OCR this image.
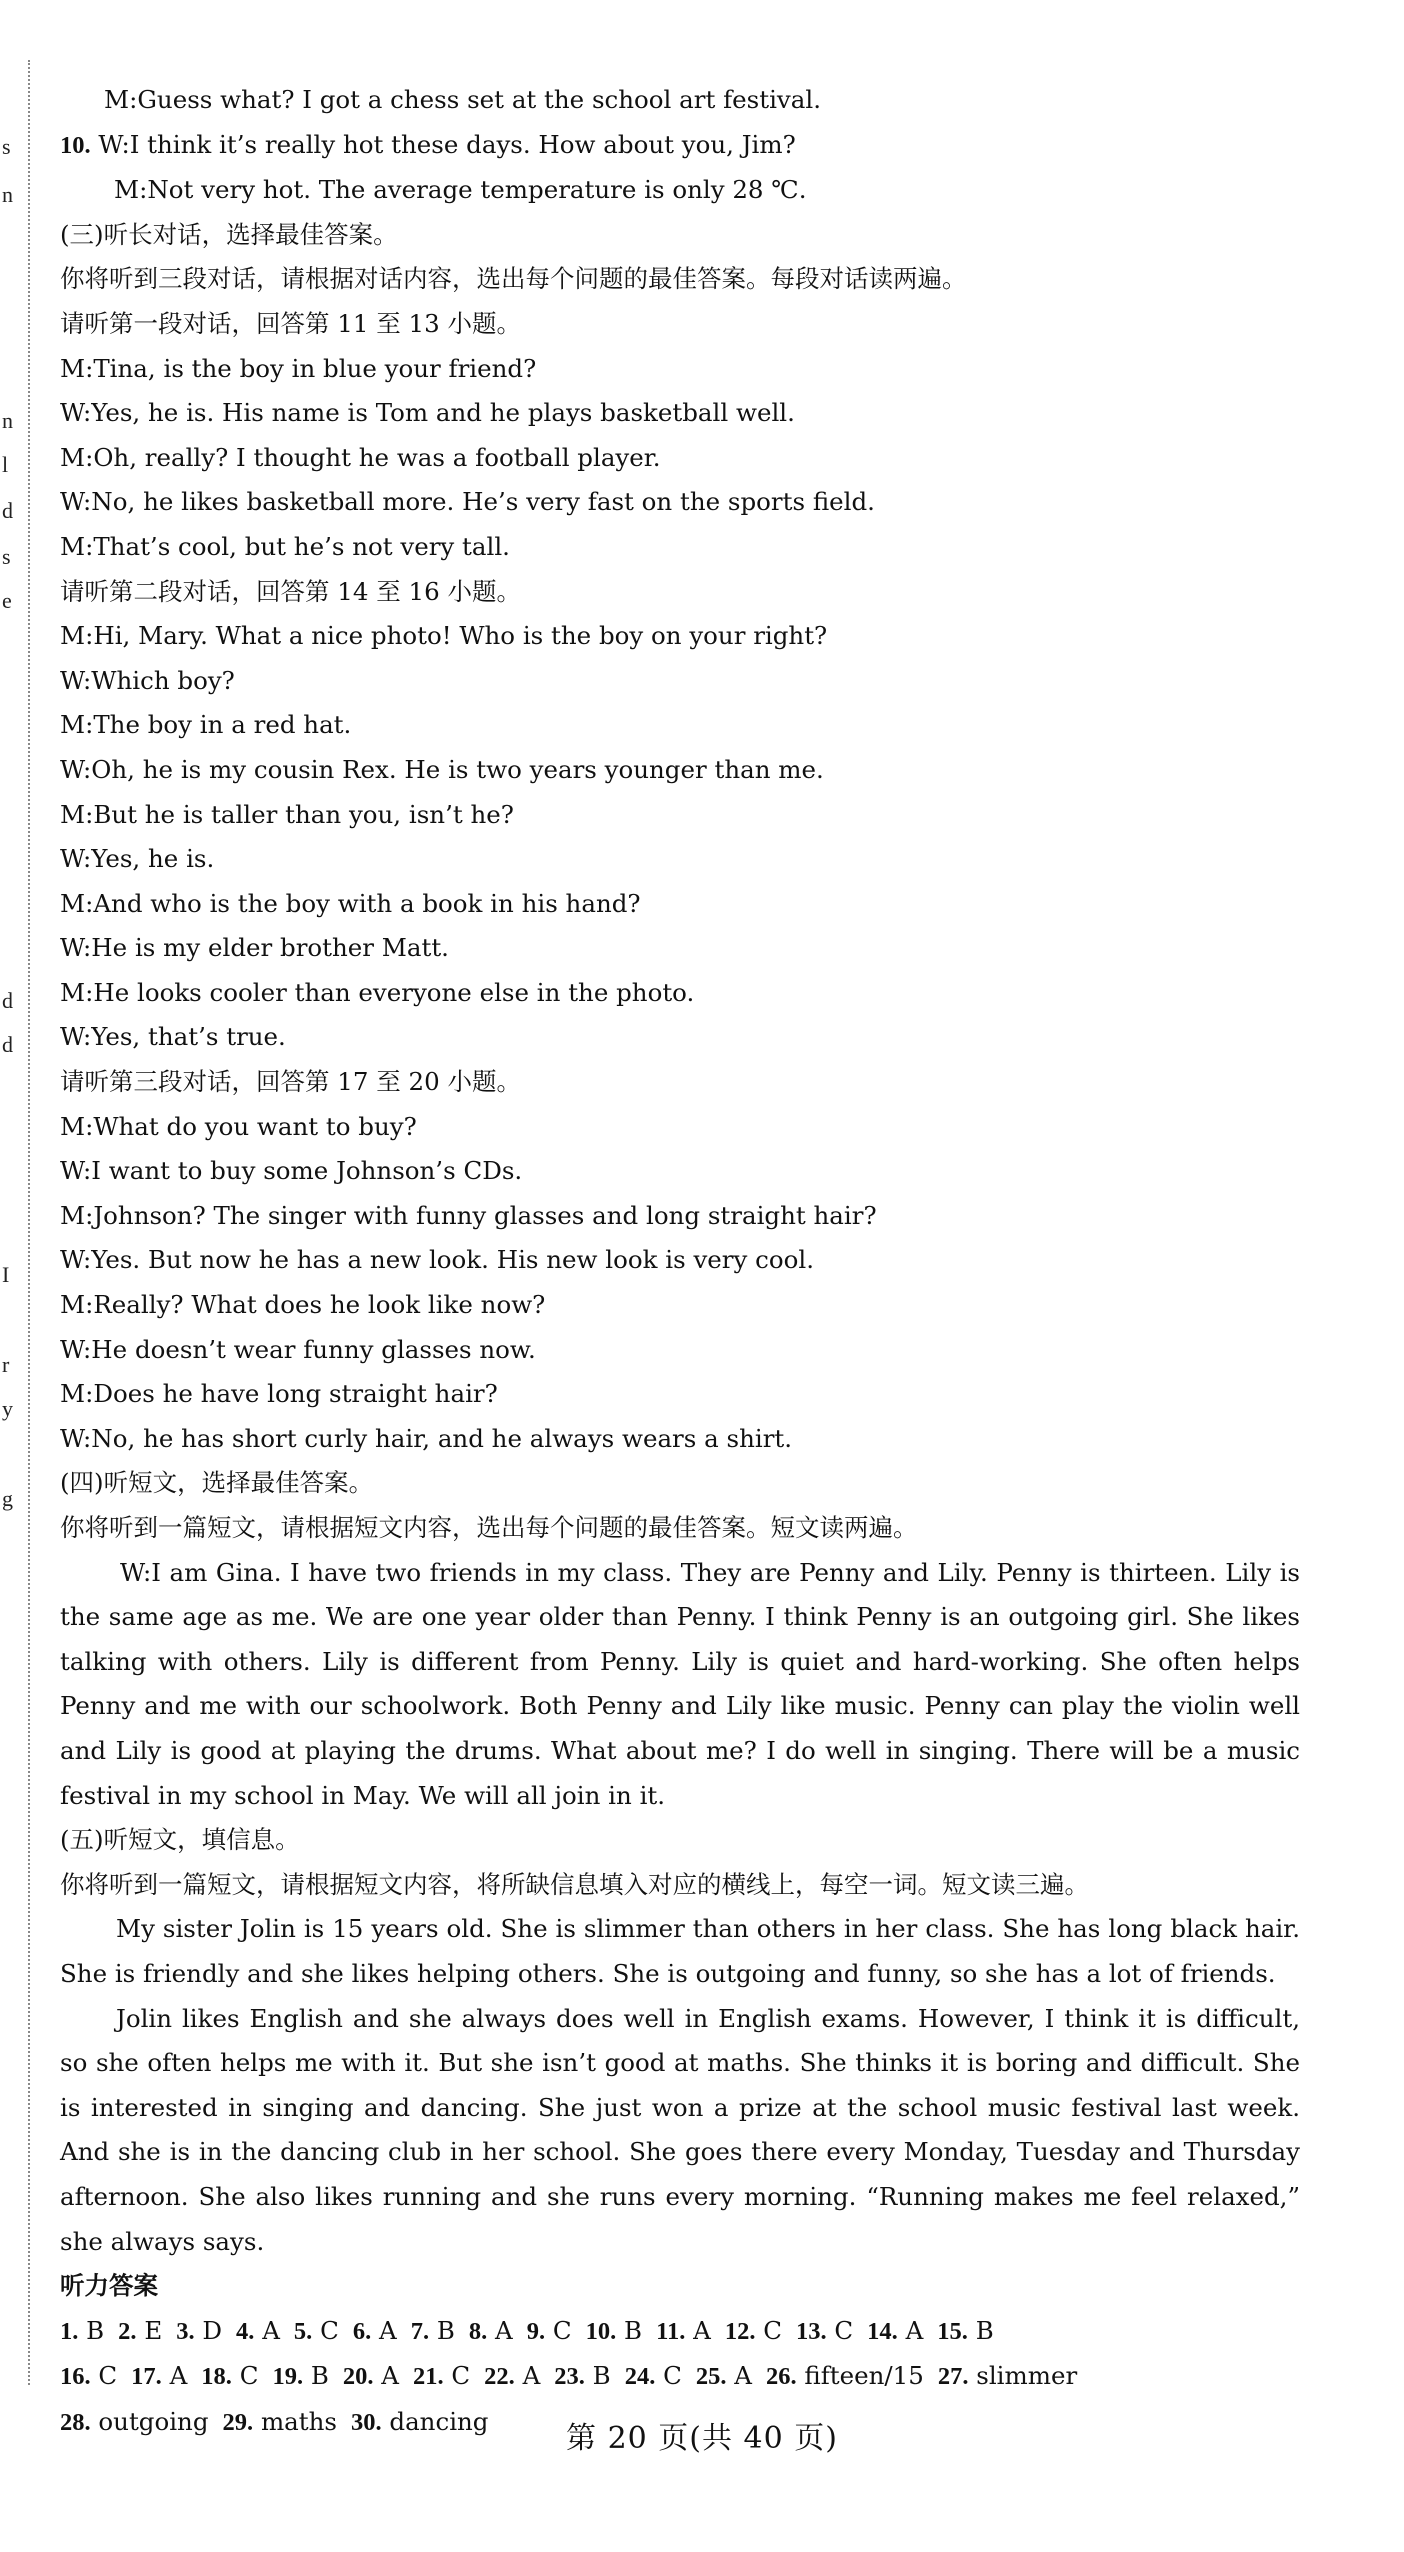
s
n
n
l
d
s
e
d
d
I
r
y
g
M:Guess what? I got a chess set at the school art festival.
10. W:I think it’s really hot these days. How about you, Jim?
M:Not very hot. The average temperature is only 28 ℃.
(三)听长对话，选择最佳答案。
你将听到三段对话，请根据对话内容，选出每个问题的最佳答案。每段对话读两遍。
请听第一段对话，回答第 11 至 13 小题。
M:Tina, is the boy in blue your friend?
W:Yes, he is. His name is Tom and he plays basketball well.
M:Oh, really? I thought he was a football player.
W:No, he likes basketball more. He’s very fast on the sports field.
M:That’s cool, but he’s not very tall.
请听第二段对话，回答第 14 至 16 小题。
M:Hi, Mary. What a nice photo! Who is the boy on your right?
W:Which boy?
M:The boy in a red hat.
W:Oh, he is my cousin Rex. He is two years younger than me.
M:But he is taller than you, isn’t he?
W:Yes, he is.
M:And who is the boy with a book in his hand?
W:He is my elder brother Matt.
M:He looks cooler than everyone else in the photo.
W:Yes, that’s true.
请听第三段对话，回答第 17 至 20 小题。
M:What do you want to buy?
W:I want to buy some Johnson’s CDs.
M:Johnson? The singer with funny glasses and long straight hair?
W:Yes. But now he has a new look. His new look is very cool.
M:Really? What does he look like now?
W:He doesn’t wear funny glasses now.
M:Does he have long straight hair?
W:No, he has short curly hair, and he always wears a shirt.
(四)听短文，选择最佳答案。
你将听到一篇短文，请根据短文内容，选出每个问题的最佳答案。短文读两遍。
W:I am Gina. I have two friends in my class. They are Penny and Lily. Penny is thirteen. Lily is the same age as me. We are one year older than Penny. I think Penny is an outgoing girl. She likes talking with others. Lily is different from Penny. Lily is quiet and hard-working. She often helps Penny and me with our schoolwork. Both Penny and Lily like music. Penny can play the violin well and Lily is good at playing the drums. What about me? I do well in singing. There will be a music festival in my school in May. We will all join in it.
(五)听短文，填信息。
你将听到一篇短文，请根据短文内容，将所缺信息填入对应的横线上，每空一词。短文读三遍。
My sister Jolin is 15 years old. She is slimmer than others in her class. She has long black hair. She is friendly and she likes helping others. She is outgoing and funny, so she has a lot of friends.
Jolin likes English and she always does well in English exams. However, I think it is difficult, so she often helps me with it. But she isn’t good at maths. She thinks it is boring and difficult. She is interested in singing and dancing. She just won a prize at the school music festival last week. And she is in the dancing club in her school. She goes there every Monday, Tuesday and Thursday afternoon. She also likes running and she runs every morning. “Running makes me feel relaxed,” she always says.
听力答案
1. B 2. E 3. D 4. A 5. C 6. A 7. B 8. A 9. C 10. B 11. A 12. C 13. C 14. A 15. B
16. C 17. A 18. C 19. B 20. A 21. C 22. A 23. B 24. C 25. A 26. fifteen/15 27. slimmer
28. outgoing 29. maths 30. dancing	第 20 页(共 40 页)
